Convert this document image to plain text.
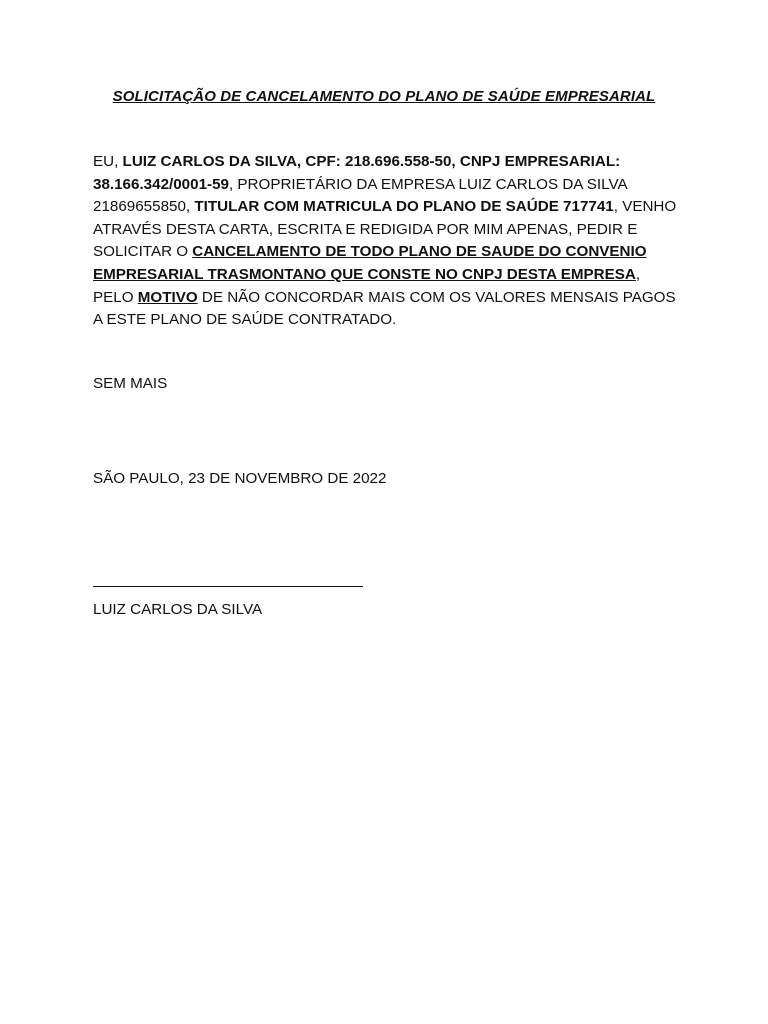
SOLICITAÇÃO DE CANCELAMENTO DO PLANO DE SAÚDE EMPRESARIAL
EU, LUIZ CARLOS DA SILVA, CPF: 218.696.558-50, CNPJ EMPRESARIAL: 38.166.342/0001-59, PROPRIETÁRIO DA EMPRESA LUIZ CARLOS DA SILVA 21869655850, TITULAR COM MATRICULA DO PLANO DE SAÚDE 717741, VENHO ATRAVÉS DESTA CARTA, ESCRITA E REDIGIDA POR MIM APENAS, PEDIR E SOLICITAR O CANCELAMENTO DE TODO PLANO DE SAUDE DO CONVENIO EMPRESARIAL TRASMONTANO QUE CONSTE NO CNPJ DESTA EMPRESA, PELO MOTIVO DE NÃO CONCORDAR MAIS COM OS VALORES MENSAIS PAGOS A ESTE PLANO DE SAÚDE CONTRATADO.
SEM MAIS
SÃO PAULO, 23 DE NOVEMBRO DE 2022
LUIZ CARLOS DA SILVA
